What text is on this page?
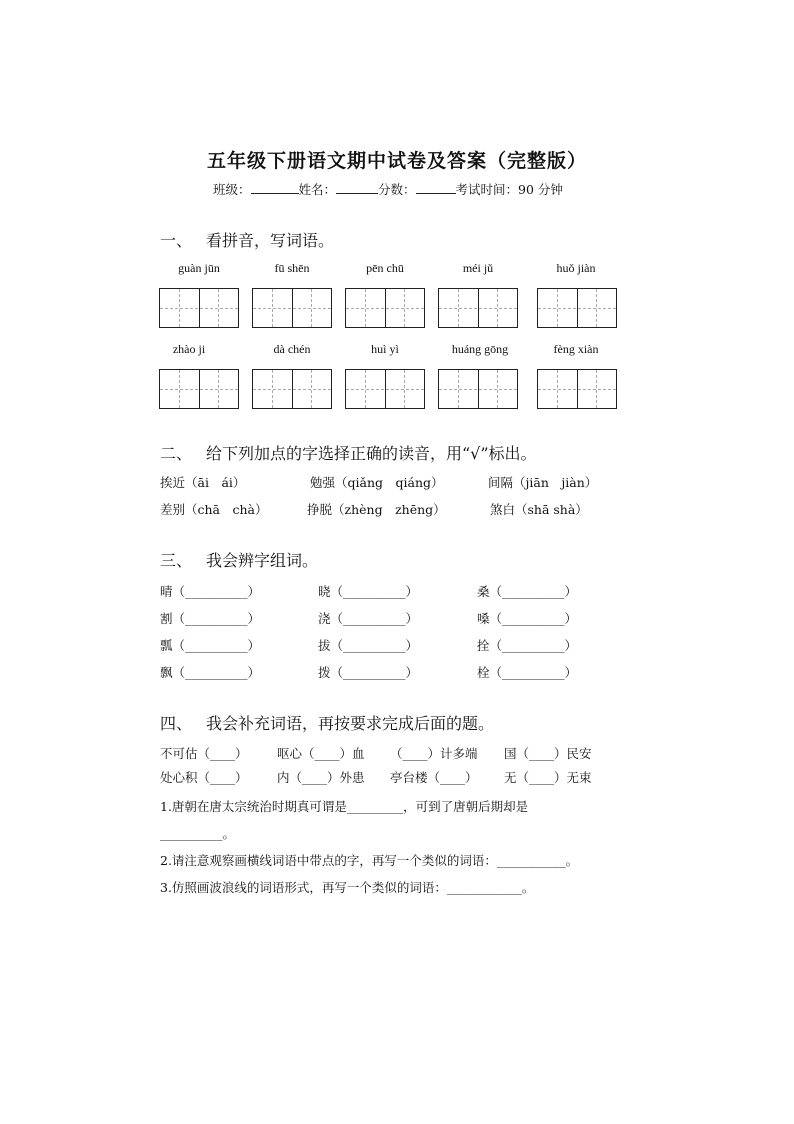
五年级下册语文期中试卷及答案（完整版）
班级：	姓名：	分数：	考试时间：90 分钟
一、 看拼音，写词语。
guàn jūn	fū shēn	pēn chū	méi jǔ	huǒ jiàn
zhào ji	dà chén	huì yì	huáng gōng	fèng xiàn
二、 给下列加点的字选择正确的读音，用“√”标出。
挨近（āi　ái）	勉强（qiǎng　qiáng）	间隔（jiān　jiàn）
差别（chā　chà）	挣脱（zhèng　zhēng）	煞白（shā shà）
三、 我会辨字组词。
晴（__________）	晓（__________）	桑（__________）
割（__________）	浇（__________）	嗓（__________）
瓢（__________）	拔（__________）	拴（__________）
飘（__________）	拨（__________）	栓（__________）
四、 我会补充词语，再按要求完成后面的题。
不可估（____） 呕心（____）血 （____）计多端 国（____）民安
处心积（____） 内（____）外患 亭台楼（____） 无（____）无束
1.唐朝在唐太宗统治时期真可谓是_________，可到了唐朝后期却是
__________。
2.请注意观察画横线词语中带点的字，再写一个类似的词语：___________。
3.仿照画波浪线的词语形式，再写一个类似的词语：____________。
